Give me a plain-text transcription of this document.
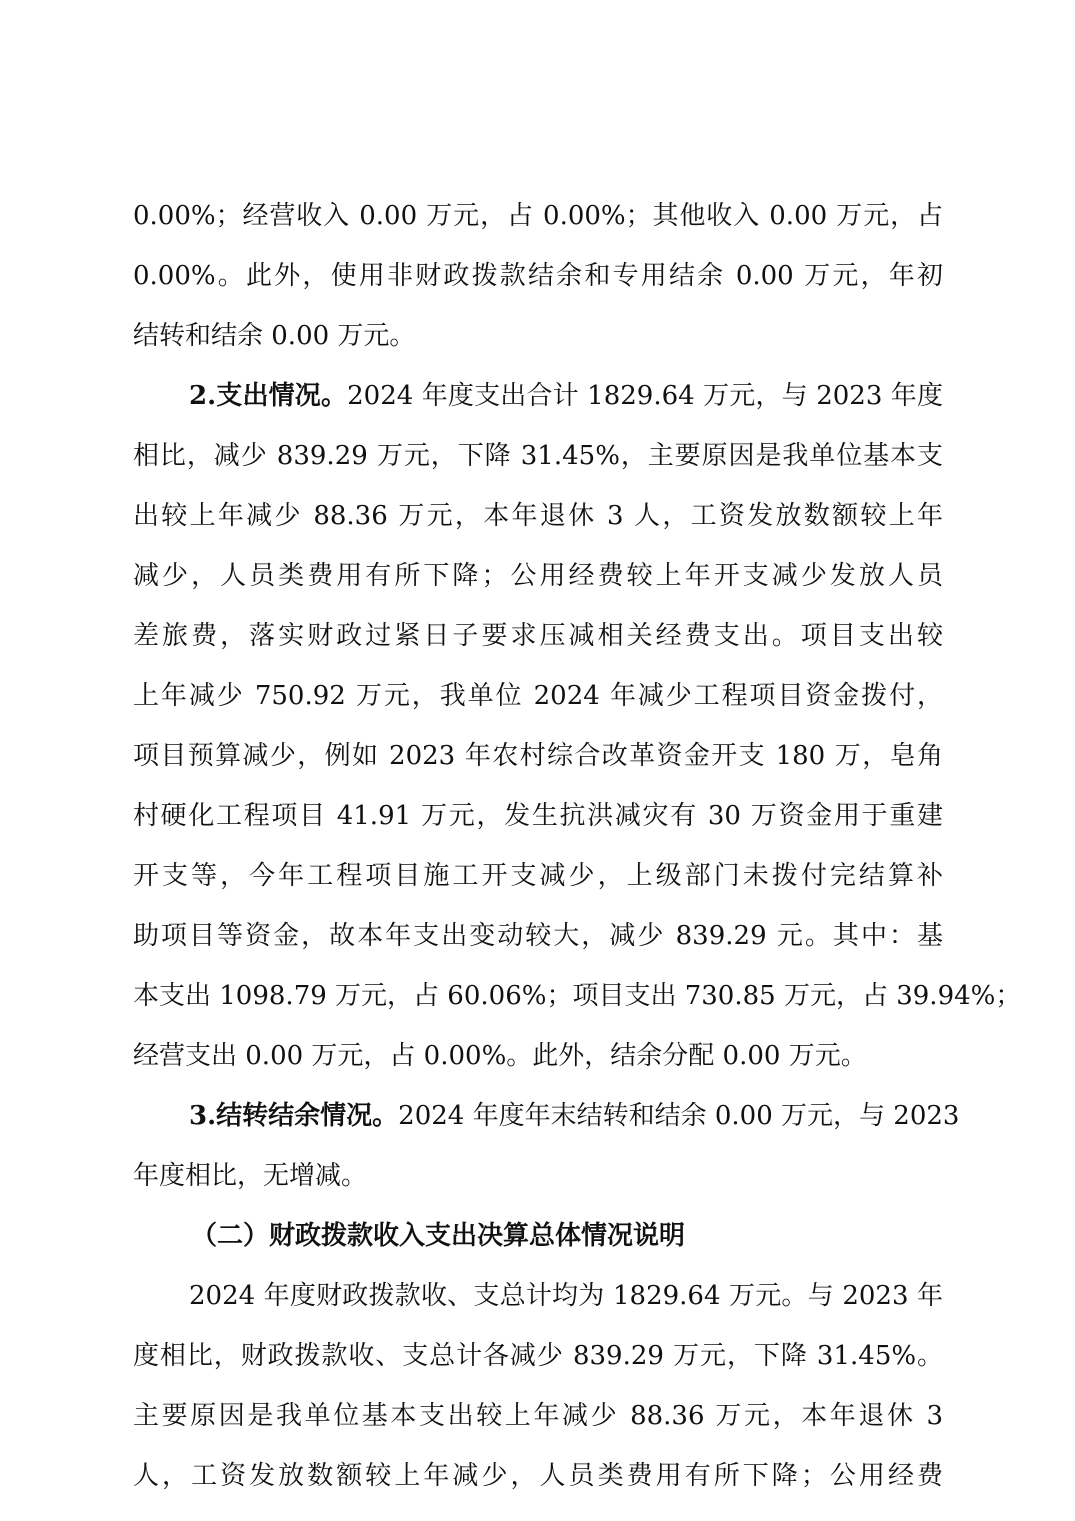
0.00%；经营收入 0.00 万元，占 0.00%；其他收入 0.00 万元，占
0.00%。此外，使用非财政拨款结余和专用结余 0.00 万元，年初
结转和结余 0.00 万元。
2.支出情况。2024 年度支出合计 1829.64 万元，与 2023 年度
相比，减少 839.29 万元，下降 31.45%，主要原因是我单位基本支
出较上年减少 88.36 万元，本年退休 3 人，工资发放数额较上年
减少，人员类费用有所下降；公用经费较上年开支减少发放人员
差旅费，落实财政过紧日子要求压减相关经费支出。项目支出较
上年减少 750.92 万元，我单位 2024 年减少工程项目资金拨付，
项目预算减少，例如 2023 年农村综合改革资金开支 180 万，皂角
村硬化工程项目 41.91 万元，发生抗洪减灾有 30 万资金用于重建
开支等，今年工程项目施工开支减少，上级部门未拨付完结算补
助项目等资金，故本年支出变动较大，减少 839.29 元。其中：基
本支出 1098.79 万元，占 60.06%；项目支出 730.85 万元，占 39.94%；
经营支出 0.00 万元，占 0.00%。此外，结余分配 0.00 万元。
3.结转结余情况。2024 年度年末结转和结余 0.00 万元，与 2023
年度相比，无增减。
（二）财政拨款收入支出决算总体情况说明
2024 年度财政拨款收、支总计均为 1829.64 万元。与 2023 年
度相比，财政拨款收、支总计各减少 839.29 万元，下降 31.45%。
主要原因是我单位基本支出较上年减少 88.36 万元，本年退休 3
人，工资发放数额较上年减少，人员类费用有所下降；公用经费
